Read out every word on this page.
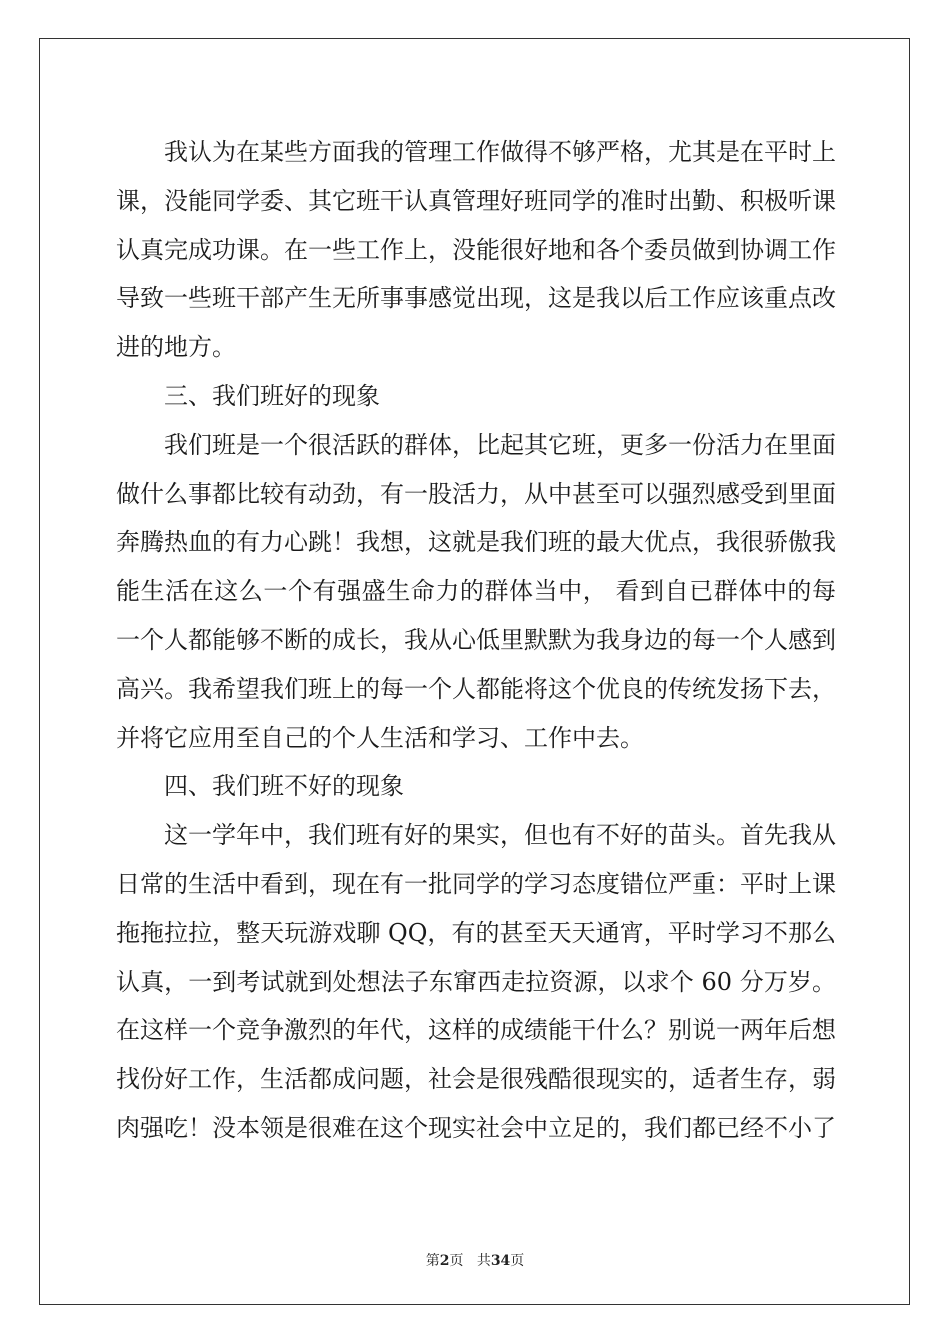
我认为在某些方面我的管理工作做得不够严格，尤其是在平时上
课，没能同学委、其它班干认真管理好班同学的准时出勤、积极听课
认真完成功课。在一些工作上，没能很好地和各个委员做到协调工作
导致一些班干部产生无所事事感觉出现，这是我以后工作应该重点改
进的地方。
三、我们班好的现象
我们班是一个很活跃的群体，比起其它班，更多一份活力在里面
做什么事都比较有动劲，有一股活力，从中甚至可以强烈感受到里面
奔腾热血的有力心跳！我想，这就是我们班的最大优点，我很骄傲我
能生活在这么一个有强盛生命力的群体当中， 看到自已群体中的每
一个人都能够不断的成长，我从心低里默默为我身边的每一个人感到
高兴。我希望我们班上的每一个人都能将这个优良的传统发扬下去，
并将它应用至自己的个人生活和学习、工作中去。
四、我们班不好的现象
这一学年中，我们班有好的果实，但也有不好的苗头。首先我从
日常的生活中看到，现在有一批同学的学习态度错位严重：平时上课
拖拖拉拉，整天玩游戏聊 QQ，有的甚至天天通宵，平时学习不那么
认真，一到考试就到处想法子东窜西走拉资源，以求个 60 分万岁。
在这样一个竞争激烈的年代，这样的成绩能干什么？别说一两年后想
找份好工作，生活都成问题，社会是很残酷很现实的，适者生存，弱
肉强吃！没本领是很难在这个现实社会中立足的，我们都已经不小了
第2页 共34页
